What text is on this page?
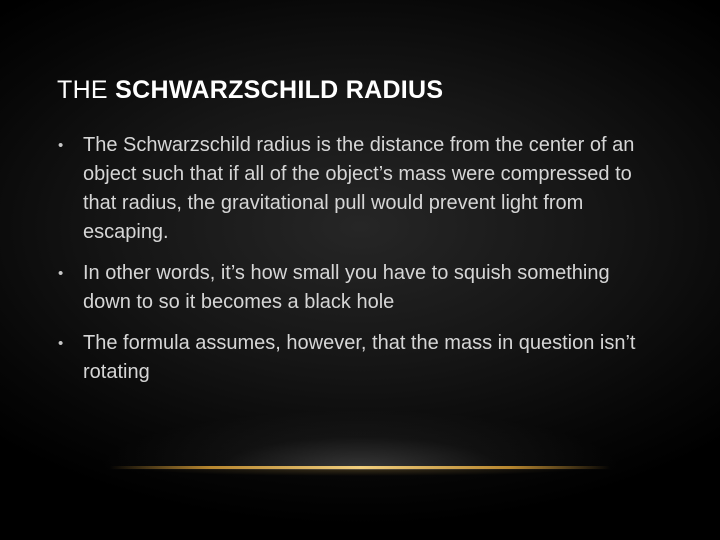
THE SCHWARZSCHILD RADIUS
• The Schwarzschild radius is the distance from the center of an object such that if all of the object’s mass were compressed to that radius, the gravitational pull would prevent light from escaping.
• In other words, it’s how small you have to squish something down to so it becomes a black hole
• The formula assumes, however, that the mass in question isn’t rotating
